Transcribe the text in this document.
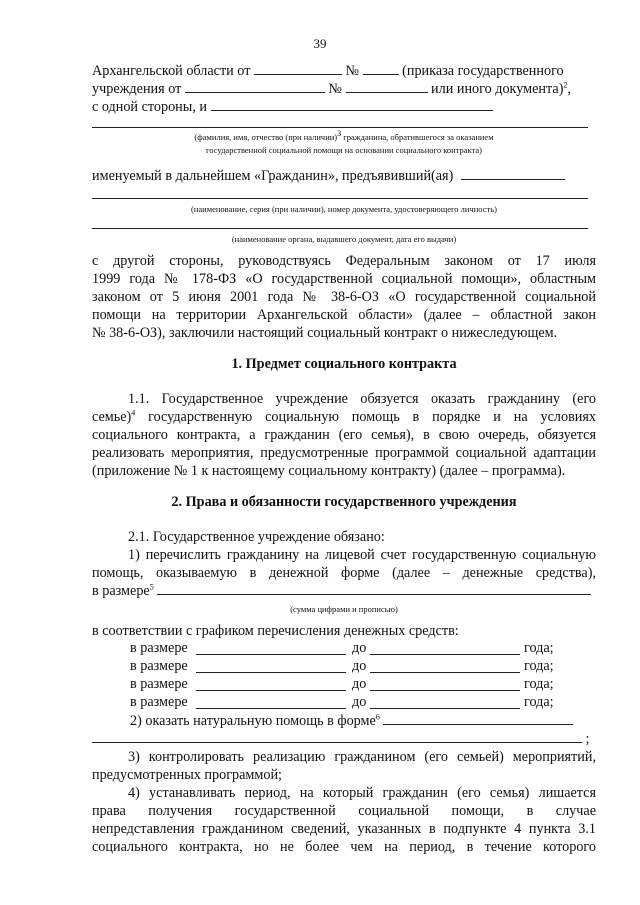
39
Архангельской области от	№	(приказа государственного
учреждения от	№	или иного документа)$^2$,
с одной стороны, и
(фамилия, имя, отчество (при наличии)$^3$ гражданина, обратившегося за оказанием
государственной социальной помощи на основании социального контракта)
именуемый в дальнейшем «Гражданин», предъявивший(ая)
(наименование, серия (при наличии), номер документа, удостоверяющего личность)
(наименование органа, выдавшего документ, дата его выдачи)
с другой стороны, руководствуясь Федеральным законом от 17 июля
1999 года № 178-ФЗ «О государственной социальной помощи», областным
законом от 5 июня 2001 года № 38-6-ОЗ «О государственной социальной
помощи на территории Архангельской области» (далее – областной закон
№ 38-6-ОЗ), заключили настоящий социальный контракт о нижеследующем.
1. Предмет социального контракта
1.1. Государственное учреждение обязуется оказать гражданину (его
семье)$^4$ государственную социальную помощь в порядке и на условиях
социального контракта, а гражданин (его семья), в свою очередь, обязуется
реализовать мероприятия, предусмотренные программой социальной адаптации
(приложение № 1 к настоящему социальному контракту) (далее – программа).
2. Права и обязанности государственного учреждения
2.1. Государственное учреждение обязано:
1) перечислить гражданину на лицевой счет государственную социальную
помощь, оказываемую в денежной форме (далее – денежные средства),
в размере$^5$
(сумма цифрами и прописью)
в соответствии с графиком перечисления денежных средств:
в размере	до	года;
в размере	до	года;
в размере	до	года;
в размере	до	года;
2) оказать натуральную помощь в форме$^6$
;
3) контролировать реализацию гражданином (его семьей) мероприятий,
предусмотренных программой;
4) устанавливать период, на который гражданин (его семья) лишается
права получения государственной социальной помощи, в случае
непредставления гражданином сведений, указанных в подпункте 4 пункта 3.1
социального контракта, но не более чем на период, в течение которого
